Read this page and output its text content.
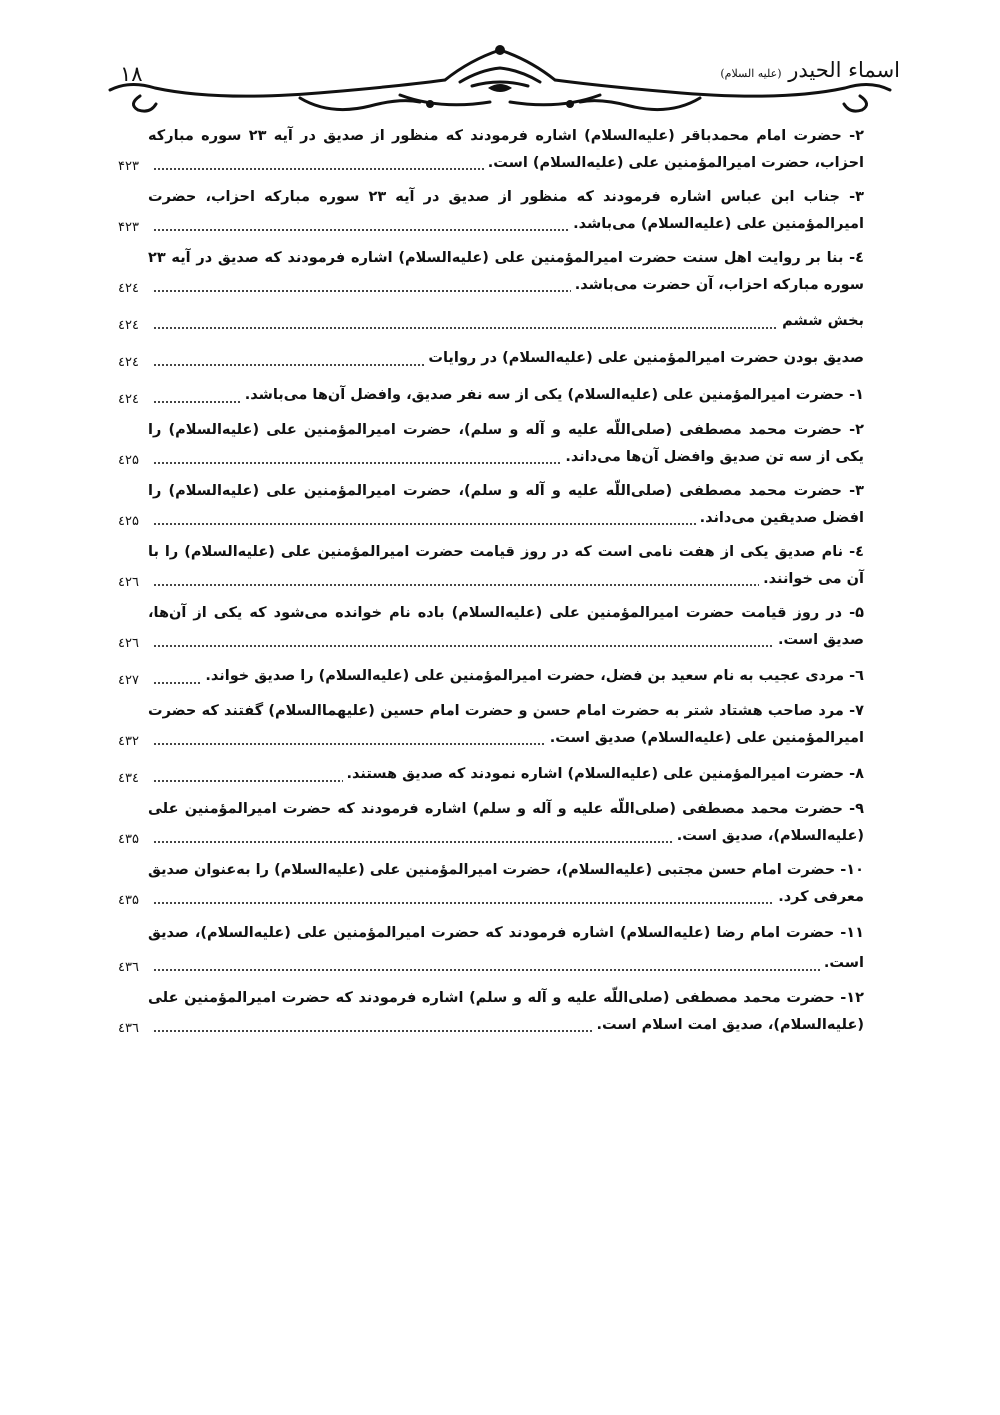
اسماء الحیدر (علیه السلام)
۱۸
۲- حضرت امام محمدباقر (علیه‌السلام) اشاره فرمودند که منظور از صدیق در آیه ۲۳ سوره مبارکه احزاب، حضرت امیرالمؤمنین علی (علیه‌السلام) است.
۴۲۳
۳- جناب ابن عباس اشاره فرمودند که منظور از صدیق در آیه ۲۳ سوره مبارکه احزاب، حضرت امیرالمؤمنین علی (علیه‌السلام) می‌باشد.
۴۲۳
٤- بنا بر روایت اهل سنت حضرت امیرالمؤمنین علی (علیه‌السلام) اشاره فرمودند که صدیق در آیه ۲۳ سوره مبارکه احزاب، آن حضرت می‌باشد.
٤۲٤
بخش ششم
٤۲٤
صدیق بودن حضرت امیرالمؤمنین علی (علیه‌السلام) در روایات
٤۲٤
۱- حضرت امیرالمؤمنین علی (علیه‌السلام) یکی از سه نفر صدیق، وافضل آن‌ها می‌باشد.
٤۲٤
۲- حضرت محمد مصطفی (صلی‌اللّه علیه و آله و سلم)، حضرت امیرالمؤمنین علی (علیه‌السلام) را یکی از سه تن صدیق وافضل آن‌ها می‌داند.
٤۲۵
۳- حضرت محمد مصطفی (صلی‌اللّه علیه و آله و سلم)، حضرت امیرالمؤمنین علی (علیه‌السلام) را افضل صدیقین می‌داند.
٤۲۵
٤- نام صدیق یکی از هفت نامی است که در روز قیامت حضرت امیرالمؤمنین علی (علیه‌السلام) را با آن می خوانند.
٤۲٦
۵- در روز قیامت حضرت امیرالمؤمنین علی (علیه‌السلام) باده نام خوانده می‌شود که یکی از آن‌ها، صدیق است.
٤۲٦
٦- مردی عجیب به نام سعید بن فضل، حضرت امیرالمؤمنین علی (علیه‌السلام) را صدیق خواند.
٤۲۷
۷- مرد صاحب هشتاد شتر به حضرت امام حسن و حضرت امام حسین (علیهماالسلام) گفتند که حضرت امیرالمؤمنین علی (علیه‌السلام) صدیق است.
٤۳۲
۸- حضرت امیرالمؤمنین علی (علیه‌السلام) اشاره نمودند که صدیق هستند.
٤۳٤
۹- حضرت محمد مصطفی (صلی‌اللّه علیه و آله و سلم) اشاره فرمودند که حضرت امیرالمؤمنین علی (علیه‌السلام)، صدیق است.
٤۳۵
۱۰- حضرت امام حسن مجتبی (علیه‌السلام)، حضرت امیرالمؤمنین علی (علیه‌السلام) را به‌عنوان صدیق معرفی کرد.
٤۳۵
۱۱- حضرت امام رضا (علیه‌السلام) اشاره فرمودند که حضرت امیرالمؤمنین علی (علیه‌السلام)، صدیق است.
٤۳٦
۱۲- حضرت محمد مصطفی (صلی‌اللّه علیه و آله و سلم) اشاره فرمودند که حضرت امیرالمؤمنین علی (علیه‌السلام)، صدیق امت اسلام است.
٤۳٦
